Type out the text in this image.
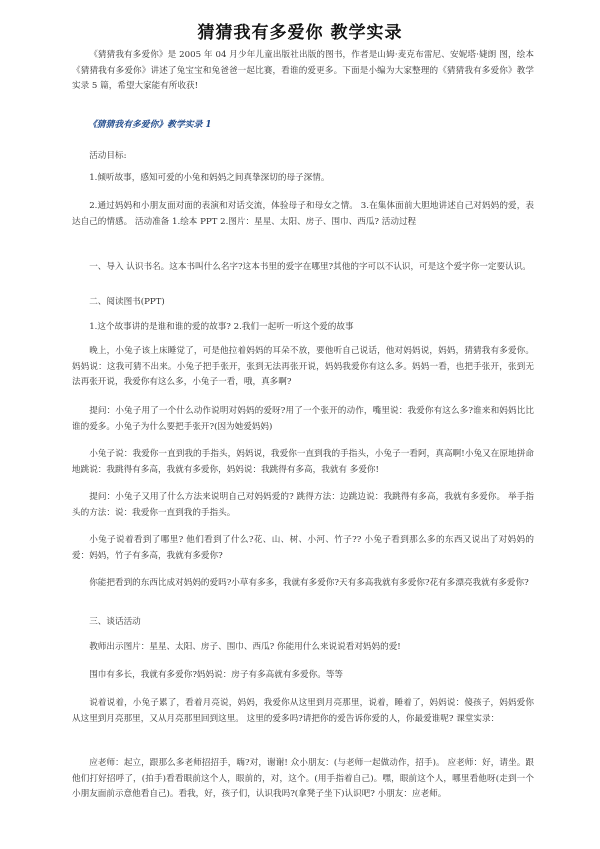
猜猜我有多爱你 教学实录

《猜猜我有多爱你》是 2005 年 04 月少年儿童出版社出版的图书，作者是山姆·麦克布雷尼、安妮塔·婕朗 图，绘本《猜猜我有多爱你》讲述了兔宝宝和兔爸爸一起比赛，看谁的爱更多。下面是小编为大家整理的《猜猜我有多爱你》教学实录 5 篇，希望大家能有所收获!

《猜猜我有多爱你》教学实录 1

活动目标:

1.倾听故事，感知可爱的小兔和妈妈之间真挚深切的母子深情。

2.通过妈妈和小朋友面对面的表演和对话交流，体验母子和母女之情。 3.在集体面前大胆地讲述自己对妈妈的爱，表达自己的情感。 活动准备 1.绘本 PPT 2.图片：星星、太阳、房子、围巾、西瓜? 活动过程

一、导入 认识书名。这本书叫什么名字?这本书里的爱字在哪里?其他的字可以不认识，可是这个爱字你一定要认识。

二、阅读图书(PPT)

1.这个故事讲的是谁和谁的爱的故事? 2.我们一起听一听这个爱的故事

晚上，小兔子该上床睡觉了，可是他拉着妈妈的耳朵不放，要他听自己说话，他对妈妈说，妈妈，猜猜我有多爱你。妈妈说：这我可猜不出来。小兔子把手张开，张到无法再张开说，妈妈我爱你有这么多。妈妈一看，也把手张开，张到无法再张开说，我爱你有这么多，小兔子一看，哦，真多啊?

提问：小兔子用了一个什么动作说明对妈妈的爱呀?用了一个张开的动作，嘴里说：我爱你有这么多?谁来和妈妈比比谁的爱多。小兔子为什么要把手张开?(因为她爱妈妈)

小兔子说：我爱你一直到我的手指头，妈妈说，我爱你一直到我的手指头，小兔子一看阿，真高啊!小兔又在原地拼命地跳说：我跳得有多高，我就有多爱你，妈妈说：我跳得有多高，我就有 多爱你!

提问：小兔子又用了什么方法来说明自己对妈妈爱的? 跳得方法：边跳边说：我跳得有多高，我就有多爱你。 举手指头的方法：说：我爱你一直到我的手指头。

小兔子说着看到了哪里? 他们看到了什么?花、山、树、小河、竹子?? 小兔子看到那么多的东西又说出了对妈妈的爱：妈妈，竹子有多高，我就有多爱你?

你能把看到的东西比成对妈妈的爱吗?小草有多多，我就有多爱你?天有多高我就有多爱你?花有多漂亮我就有多爱你?

三、谈话活动

教师出示图片：星星、太阳、房子、围巾、西瓜? 你能用什么来说说看对妈妈的爱!

围巾有多长，我就有多爱你?妈妈说：房子有多高就有多爱你。等等

说着说着，小兔子累了，看着月亮说，妈妈，我爱你从这里到月亮那里，说着，睡着了，妈妈说：傻孩子，妈妈爱你从这里到月亮那里，又从月亮那里回到这里。 这里的爱多吗?请把你的爱告诉你爱的人，你最爱谁呢? 课堂实录：

应老师：起立，跟那么多老师招招手，嗨?对，谢谢! 众小朋友：(与老师一起做动作，招手)。 应老师：好，请坐。跟他们打好招呼了，(拍手)看看眼前这个人，眼前的，对，这个。(用手指着自己)。嘿，眼前这个人，哪里看他呀(走到一个小朋友面前示意他看自己)。看我，好，孩子们，认识我吗?(拿凳子坐下)认识吧? 小朋友：应老师。
